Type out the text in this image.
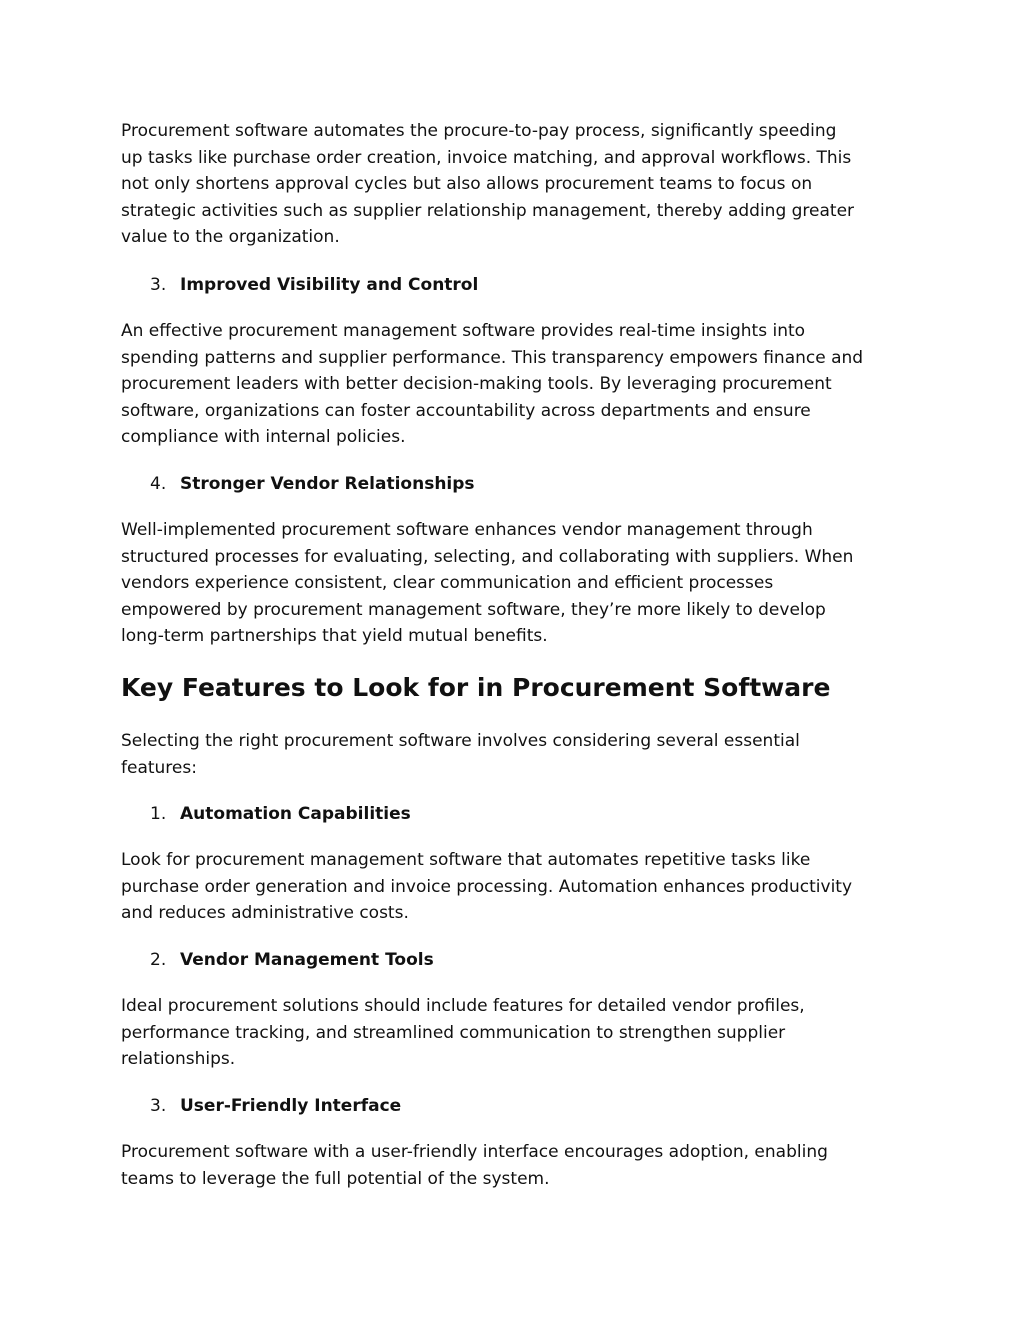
Procurement software automates the procure-to-pay process, significantly speeding
up tasks like purchase order creation, invoice matching, and approval workflows. This
not only shortens approval cycles but also allows procurement teams to focus on
strategic activities such as supplier relationship management, thereby adding greater
value to the organization.

3. Improved Visibility and Control

An effective procurement management software provides real-time insights into
spending patterns and supplier performance. This transparency empowers finance and
procurement leaders with better decision-making tools. By leveraging procurement
software, organizations can foster accountability across departments and ensure
compliance with internal policies.

4. Stronger Vendor Relationships

Well-implemented procurement software enhances vendor management through
structured processes for evaluating, selecting, and collaborating with suppliers. When
vendors experience consistent, clear communication and efficient processes
empowered by procurement management software, they’re more likely to develop
long-term partnerships that yield mutual benefits.

Key Features to Look for in Procurement Software

Selecting the right procurement software involves considering several essential
features:

1. Automation Capabilities

Look for procurement management software that automates repetitive tasks like
purchase order generation and invoice processing. Automation enhances productivity
and reduces administrative costs.

2. Vendor Management Tools

Ideal procurement solutions should include features for detailed vendor profiles,
performance tracking, and streamlined communication to strengthen supplier
relationships.

3. User-Friendly Interface

Procurement software with a user-friendly interface encourages adoption, enabling
teams to leverage the full potential of the system.
